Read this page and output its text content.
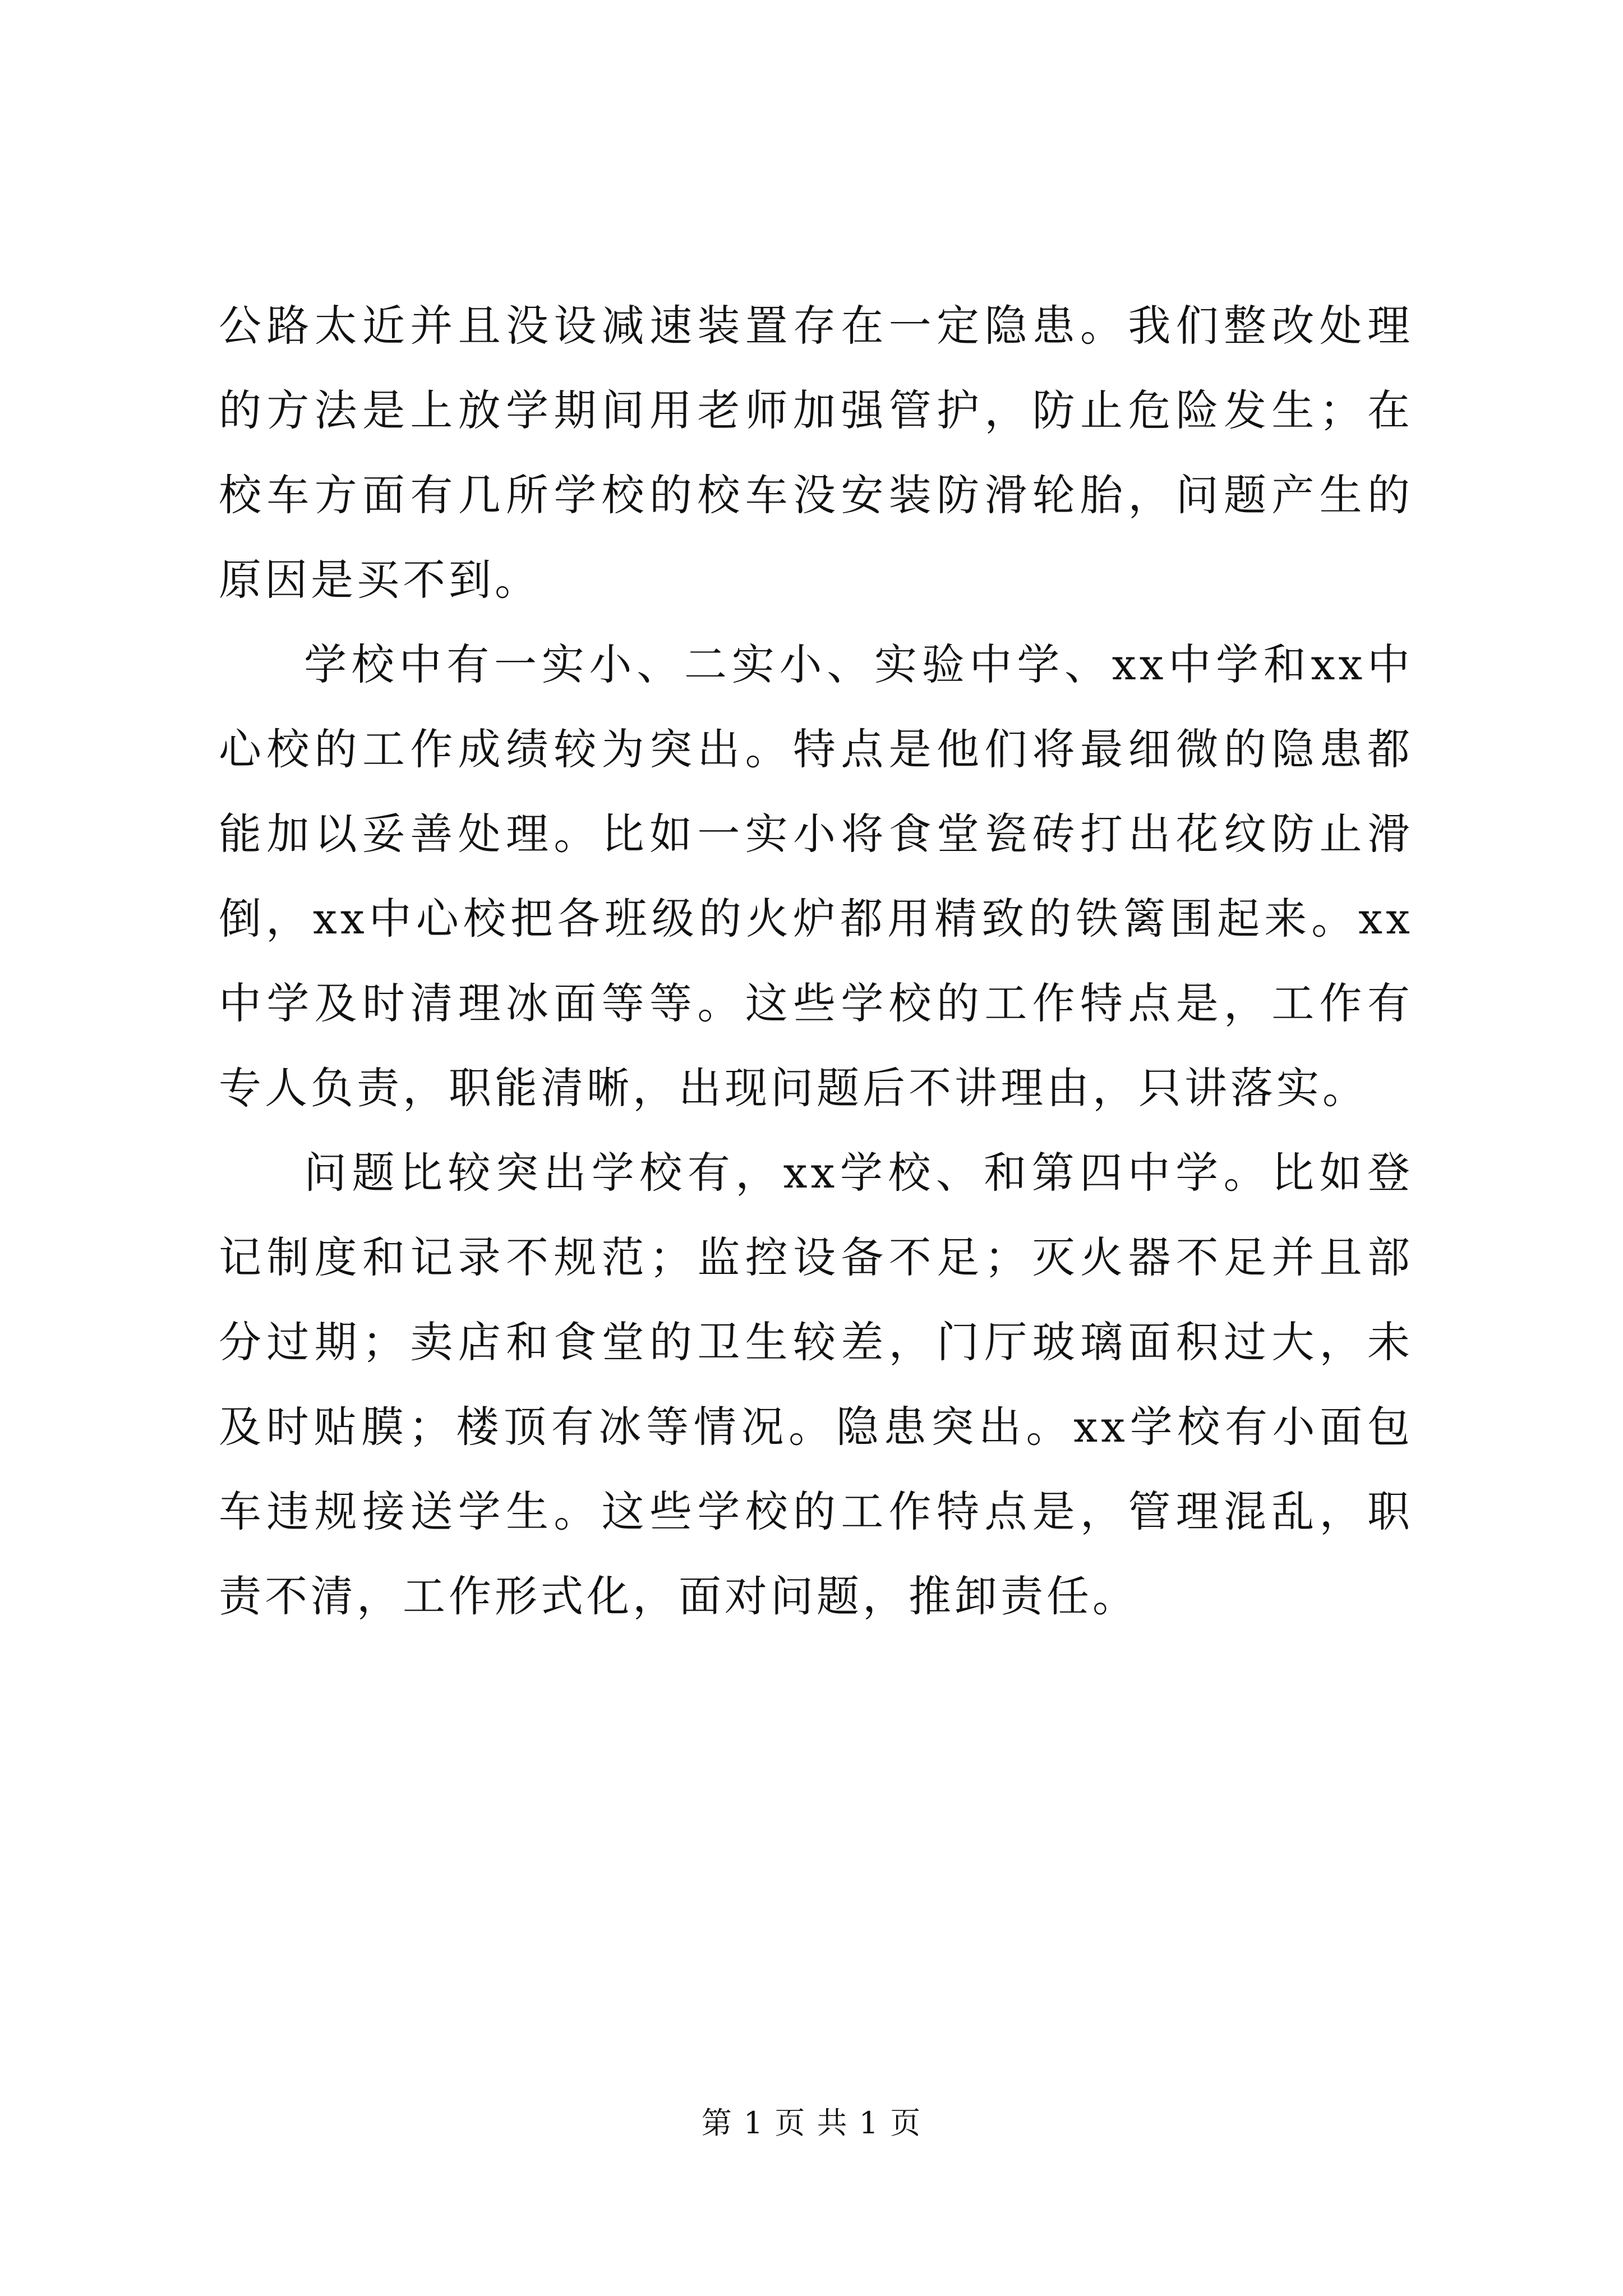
公路太近并且没设减速装置存在一定隐患。我们整改处理的方法是上放学期间用老师加强管护，防止危险发生；在校车方面有几所学校的校车没安装防滑轮胎，问题产生的原因是买不到。

学校中有一实小、二实小、实验中学、xx中学和xx中心校的工作成绩较为突出。特点是他们将最细微的隐患都能加以妥善处理。比如一实小将食堂瓷砖打出花纹防止滑倒，xx中心校把各班级的火炉都用精致的铁篱围起来。xx中学及时清理冰面等等。这些学校的工作特点是，工作有专人负责，职能清晰，出现问题后不讲理由，只讲落实。

问题比较突出学校有，xx学校、和第四中学。比如登记制度和记录不规范；监控设备不足；灭火器不足并且部分过期；卖店和食堂的卫生较差，门厅玻璃面积过大，未及时贴膜；楼顶有冰等情况。隐患突出。xx学校有小面包车违规接送学生。这些学校的工作特点是，管理混乱，职责不清，工作形式化，面对问题，推卸责任。

第 1 页 共 1 页
